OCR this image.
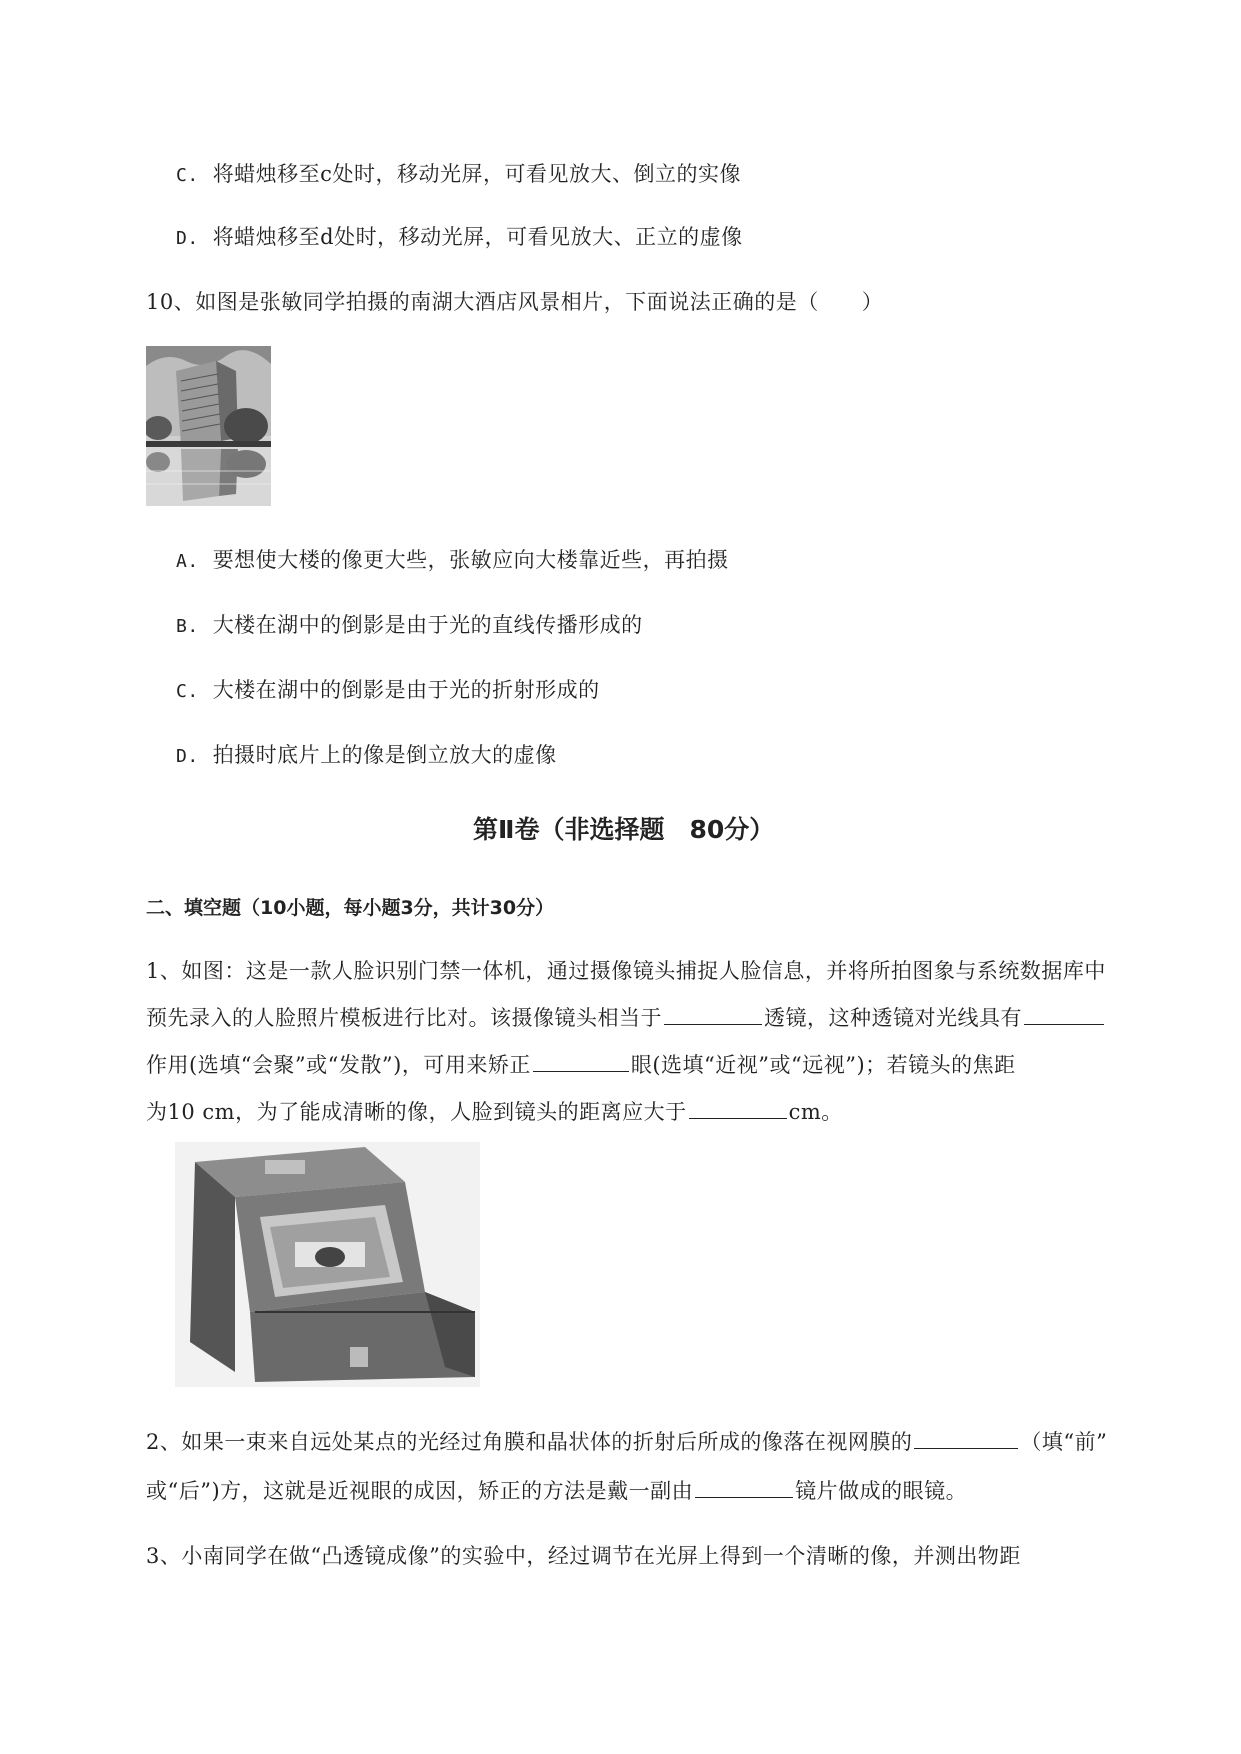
C. 将蜡烛移至c处时，移动光屏，可看见放大、倒立的实像
D. 将蜡烛移至d处时，移动光屏，可看见放大、正立的虚像
10、如图是张敏同学拍摄的南湖大酒店风景相片，下面说法正确的是（　　）
A. 要想使大楼的像更大些，张敏应向大楼靠近些，再拍摄
B. 大楼在湖中的倒影是由于光的直线传播形成的
C. 大楼在湖中的倒影是由于光的折射形成的
D. 拍摄时底片上的像是倒立放大的虚像
第Ⅱ卷（非选择题　80分）
二、填空题（10小题，每小题3分，共计30分）
1、如图：这是一款人脸识别门禁一体机，通过摄像镜头捕捉人脸信息，并将所拍图象与系统数据库中
预先录入的人脸照片模板进行比对。该摄像镜头相当于	透镜，这种透镜对光线具有
作用(选填“会聚”或“发散”)，可用来矫正	眼(选填“近视”或“远视”)；若镜头的焦距
为10 cm，为了能成清晰的像，人脸到镜头的距离应大于	cm。
2、如果一束来自远处某点的光经过角膜和晶状体的折射后所成的像落在视网膜的	（填“前”
或“后”)方，这就是近视眼的成因，矫正的方法是戴一副由	镜片做成的眼镜。
3、小南同学在做“凸透镜成像”的实验中，经过调节在光屏上得到一个清晰的像，并测出物距
